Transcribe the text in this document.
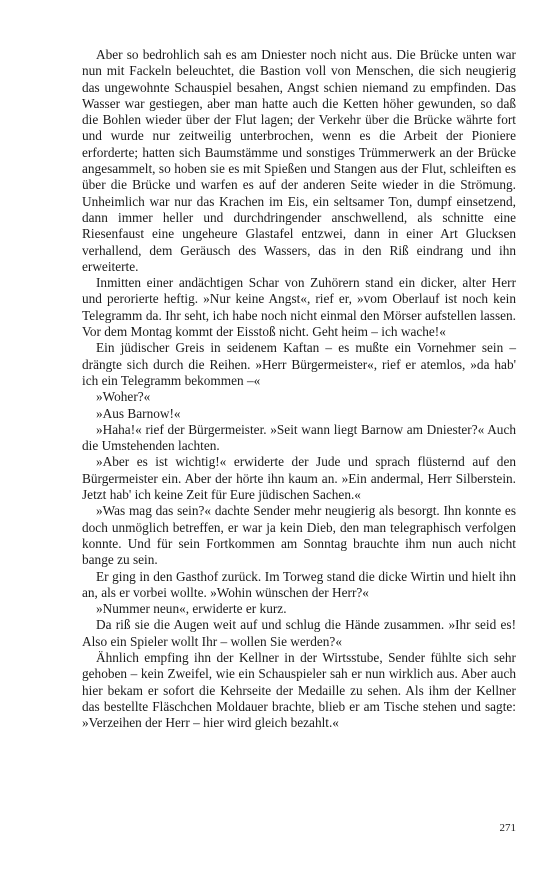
Aber so bedrohlich sah es am Dniester noch nicht aus. Die Brücke unten war nun mit Fackeln beleuchtet, die Bastion voll von Menschen, die sich neugierig das ungewohnte Schauspiel besahen, Angst schien niemand zu empfinden. Das Wasser war gestiegen, aber man hatte auch die Ketten höher gewunden, so daß die Bohlen wieder über der Flut lagen; der Verkehr über die Brücke währte fort und wurde nur zeitweilig unterbrochen, wenn es die Arbeit der Pioniere erforderte; hatten sich Baumstämme und sonstiges Trümmerwerk an der Brücke angesammelt, so hoben sie es mit Spießen und Stangen aus der Flut, schleiften es über die Brücke und warfen es auf der anderen Seite wieder in die Strömung. Unheimlich war nur das Krachen im Eis, ein seltsamer Ton, dumpf einsetzend, dann immer heller und durchdringender anschwellend, als schnitte eine Riesenfaust eine ungeheure Glastafel entzwei, dann in einer Art Glucksen verhallend, dem Geräusch des Wassers, das in den Riß eindrang und ihn erweiterte.

Inmitten einer andächtigen Schar von Zuhörern stand ein dicker, alter Herr und perorierte heftig. »Nur keine Angst«, rief er, »vom Oberlauf ist noch kein Telegramm da. Ihr seht, ich habe noch nicht einmal den Mörser aufstellen lassen. Vor dem Montag kommt der Eisstoß nicht. Geht heim – ich wache!«

Ein jüdischer Greis in seidenem Kaftan – es mußte ein Vornehmer sein – drängte sich durch die Reihen. »Herr Bürgermeister«, rief er atemlos, »da hab' ich ein Telegramm bekommen –«

»Woher?«

»Aus Barnow!«

»Haha!« rief der Bürgermeister. »Seit wann liegt Barnow am Dniester?« Auch die Umstehenden lachten.

»Aber es ist wichtig!« erwiderte der Jude und sprach flüsternd auf den Bürgermeister ein. Aber der hörte ihn kaum an. »Ein andermal, Herr Silberstein. Jetzt hab' ich keine Zeit für Eure jüdischen Sachen.«

»Was mag das sein?« dachte Sender mehr neugierig als besorgt. Ihn konnte es doch unmöglich betreffen, er war ja kein Dieb, den man telegraphisch verfolgen konnte. Und für sein Fortkommen am Sonntag brauchte ihm nun auch nicht bange zu sein.

Er ging in den Gasthof zurück. Im Torweg stand die dicke Wirtin und hielt ihn an, als er vorbei wollte. »Wohin wünschen der Herr?«

»Nummer neun«, erwiderte er kurz.

Da riß sie die Augen weit auf und schlug die Hände zusammen. »Ihr seid es! Also ein Spieler wollt Ihr – wollen Sie werden?«

Ähnlich empfing ihn der Kellner in der Wirtsstube, Sender fühlte sich sehr gehoben – kein Zweifel, wie ein Schauspieler sah er nun wirklich aus. Aber auch hier bekam er sofort die Kehrseite der Medaille zu sehen. Als ihm der Kellner das bestellte Fläschchen Moldauer brachte, blieb er am Tische stehen und sagte: »Verzeihen der Herr – hier wird gleich bezahlt.«

271
